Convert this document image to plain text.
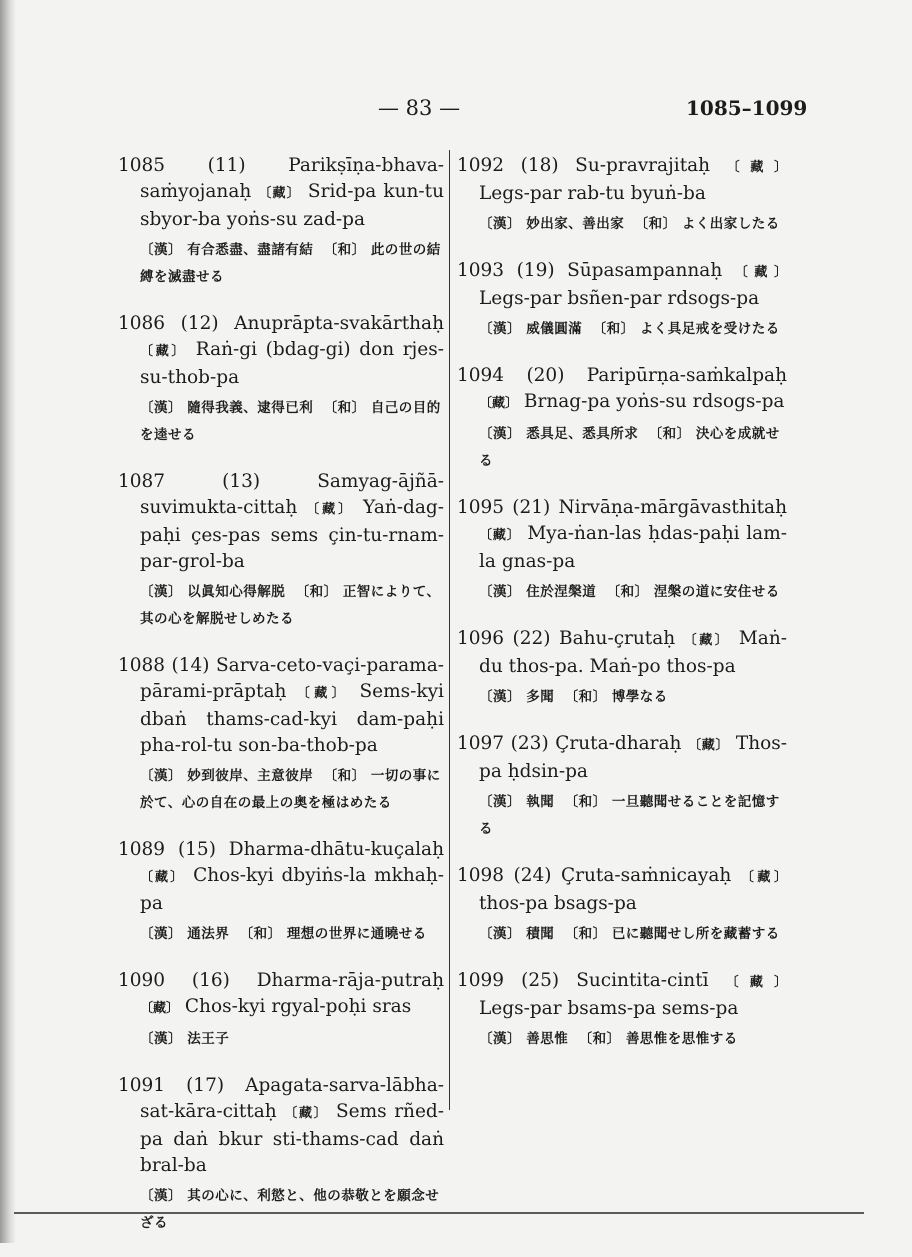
— 83 —	1085–1099
1085 (11) Parikṣīṇa-bhava-saṁyojanaḥ 〔藏〕 Srid-pa kun-tu sbyor-ba yoṅs-su zad-pa
〔漢〕 有合悉盡、盡諸有結 〔和〕 此の世の結縛を滅盡せる
1086 (12) Anuprāpta-svakārthaḥ 〔藏〕 Raṅ-gi (bdag-gi) don rjes-su-thob-pa
〔漢〕 隨得我義、逮得已利 〔和〕 自己の目的を逵せる
1087 (13)	Samyag-ājñā-suvimukta-cittaḥ 〔藏〕 Yaṅ-dag-paḥi çes-pas sems çin-tu-rnam-par-grol-ba
〔漢〕 以眞知心得解脱 〔和〕 正智によりて、其の心を解脱せしめたる
1088 (14) Sarva-ceto-vaçi-parama-pārami-prāptaḥ 〔藏〕 Sems-kyi dbaṅ thams-cad-kyi dam-paḥi pha-rol-tu son-ba-thob-pa
〔漢〕 妙到彼岸、主意彼岸 〔和〕 一切の事に於て、心の自在の最上の奥を極はめたる
1089 (15) Dharma-dhātu-kuçalaḥ 〔藏〕 Chos-kyi dbyiṅs-la mkhaḥ-pa
〔漢〕 通法界 〔和〕 理想の世界に通曉せる
1090 (16) Dharma-rāja-putraḥ 〔藏〕 Chos-kyi rgyal-poḥi sras
〔漢〕 法王子
1091 (17) Apagata-sarva-lābha-sat-kāra-cittaḥ 〔藏〕 Sems rñed-pa daṅ bkur sti-thams-cad daṅ bral-ba
〔漢〕 其の心に、利慾と、他の恭敬とを願念せざる
1092 (18) Su-pravrajitaḥ 〔藏〕 Legs-par rab-tu byuṅ-ba
〔漢〕 妙出家、善出家 〔和〕 よく出家したる
1093 (19) Sūpasampannaḥ 〔藏〕 Legs-par bsñen-par rdsogs-pa
〔漢〕 威儀圓滿 〔和〕 よく具足戒を受けたる
1094 (20) Paripūrṇa-saṁkalpaḥ 〔藏〕 Brnag-pa yoṅs-su rdsogs-pa
〔漢〕 悉具足、悉具所求 〔和〕 決心を成就せる
1095 (21) Nirvāṇa-mārgāvasthitaḥ 〔藏〕 Mya-ṅan-las ḥdas-paḥi lam-la gnas-pa
〔漢〕 住於涅槃道 〔和〕 涅槃の道に安住せる
1096 (22) Bahu-çrutaḥ 〔藏〕 Maṅ-du thos-pa. Maṅ-po thos-pa
〔漢〕 多聞 〔和〕 博學なる
1097 (23) Çruta-dharaḥ 〔藏〕 Thos-pa ḥdsin-pa
〔漢〕 執聞 〔和〕 一旦聽聞せることを記憶する
1098 (24) Çruta-saṁnicayaḥ 〔藏〕 thos-pa bsags-pa
〔漢〕 積聞 〔和〕 已に聽聞せし所を藏蓄する
1099 (25) Sucintita-cintī 〔藏〕 Legs-par bsams-pa sems-pa
〔漢〕 善思惟 〔和〕 善思惟を思惟する
